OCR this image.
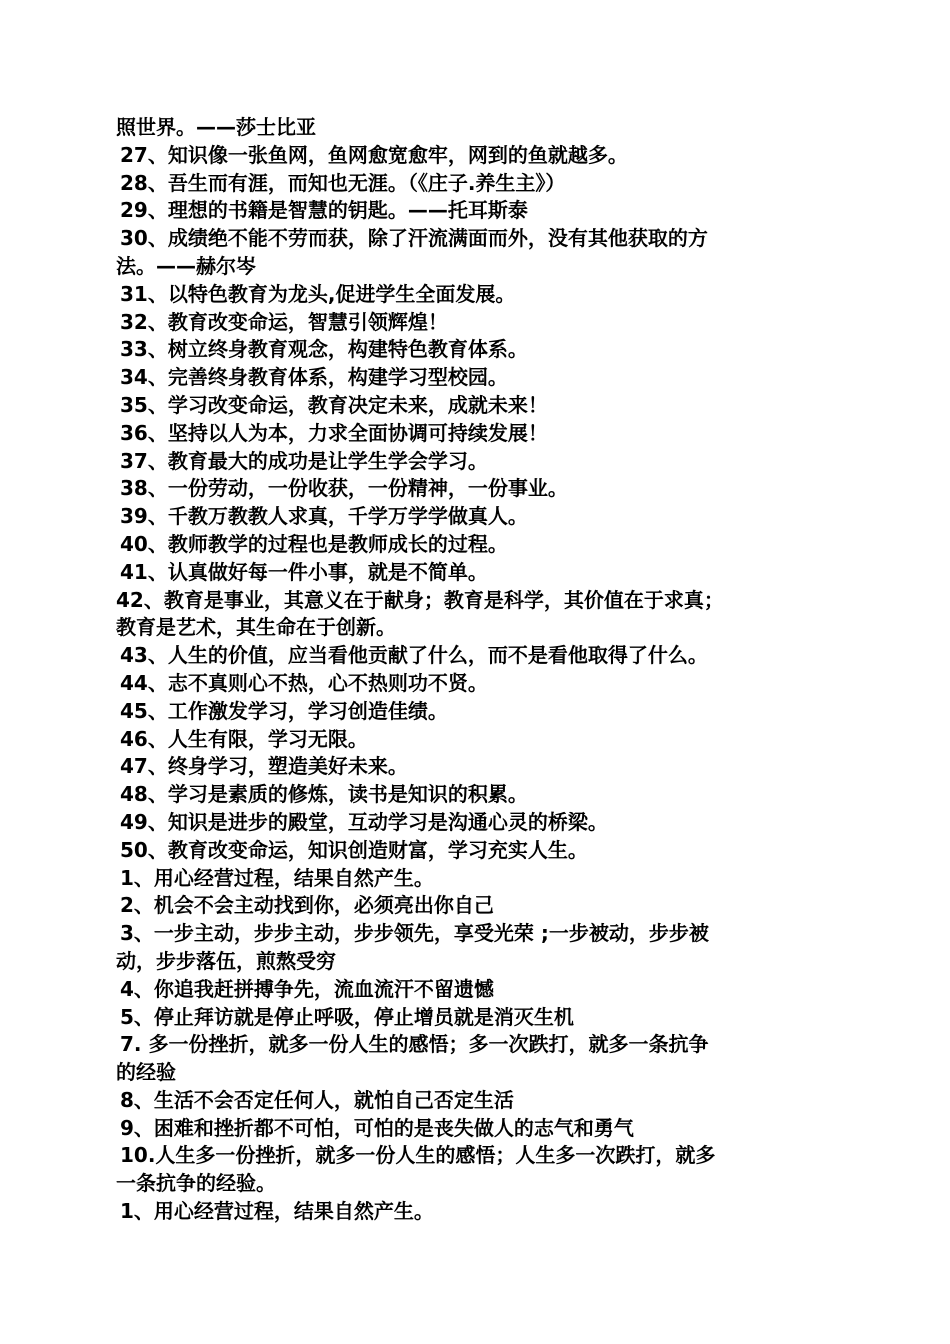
照世界。——莎士比亚
27、知识像一张鱼网，鱼网愈宽愈牢，网到的鱼就越多。
28、吾生而有涯，而知也无涯。（《庄子.养生主》）
29、理想的书籍是智慧的钥匙。——托耳斯泰
30、成绩绝不能不劳而获，除了汗流满面而外，没有其他获取的方
法。——赫尔岑
31、以特色教育为龙头,促进学生全面发展。
32、教育改变命运，智慧引领辉煌！
33、树立终身教育观念，构建特色教育体系。
34、完善终身教育体系，构建学习型校园。
35、学习改变命运，教育决定未来，成就未来！
36、坚持以人为本，力求全面协调可持续发展！
37、教育最大的成功是让学生学会学习。
38、一份劳动，一份收获，一份精神，一份事业。
39、千教万教教人求真，千学万学学做真人。
40、教师教学的过程也是教师成长的过程。
41、认真做好每一件小事，就是不简单。
42、教育是事业，其意义在于献身；教育是科学，其价值在于求真；
教育是艺术，其生命在于创新。
43、人生的价值，应当看他贡献了什么，而不是看他取得了什么。
44、志不真则心不热，心不热则功不贤。
45、工作激发学习，学习创造佳绩。
46、人生有限，学习无限。
47、终身学习，塑造美好未来。
48、学习是素质的修炼，读书是知识的积累。
49、知识是进步的殿堂，互动学习是沟通心灵的桥梁。
50、教育改变命运，知识创造财富，学习充实人生。
1、用心经营过程，结果自然产生。
2、机会不会主动找到你，必须亮出你自己
3、一步主动，步步主动，步步领先，享受光荣 ;一步被动，步步被
动，步步落伍，煎熬受穷
4、你追我赶拼搏争先，流血流汗不留遗憾
5、停止拜访就是停止呼吸，停止增员就是消灭生机
7. 多一份挫折，就多一份人生的感悟；多一次跌打，就多一条抗争
的经验
8、生活不会否定任何人，就怕自己否定生活
9、困难和挫折都不可怕，可怕的是丧失做人的志气和勇气
10.人生多一份挫折，就多一份人生的感悟；人生多一次跌打，就多
一条抗争的经验。
1、用心经营过程，结果自然产生。
